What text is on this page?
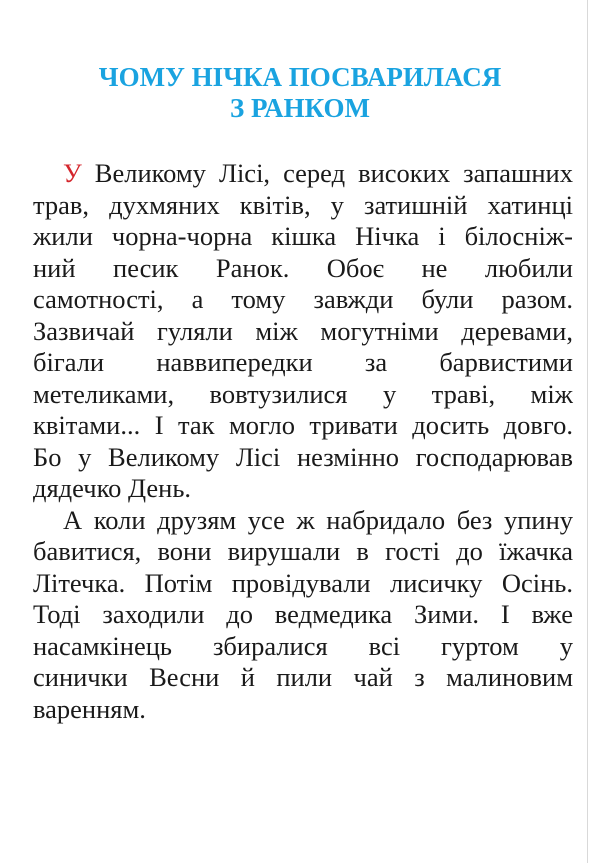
ЧОМУ НІЧКА ПОСВАРИЛАСЯ
З РАНКОМ
У Великому Лісі, серед високих запашних
трав, духмяних квітів, у затишній хатинці
жили чорна-чорна кішка Нічка і білосніж-
ний песик Ранок. Обоє не любили
самотності, а тому завжди були разом.
Зазвичай гуляли між могутніми деревами,
бігали наввипередки за барвистими
метеликами, вовтузилися у траві, між
квітами... І так могло тривати досить довго.
Бо у Великому Лісі незмінно господарював
дядечко День.
А коли друзям усе ж набридало без упину
бавитися, вони вирушали в гості до їжачка
Літечка. Потім провідували лисичку Осінь.
Тоді заходили до ведмедика Зими. І вже
насамкінець збиралися всі гуртом у
синички Весни й пили чай з малиновим
варенням.
